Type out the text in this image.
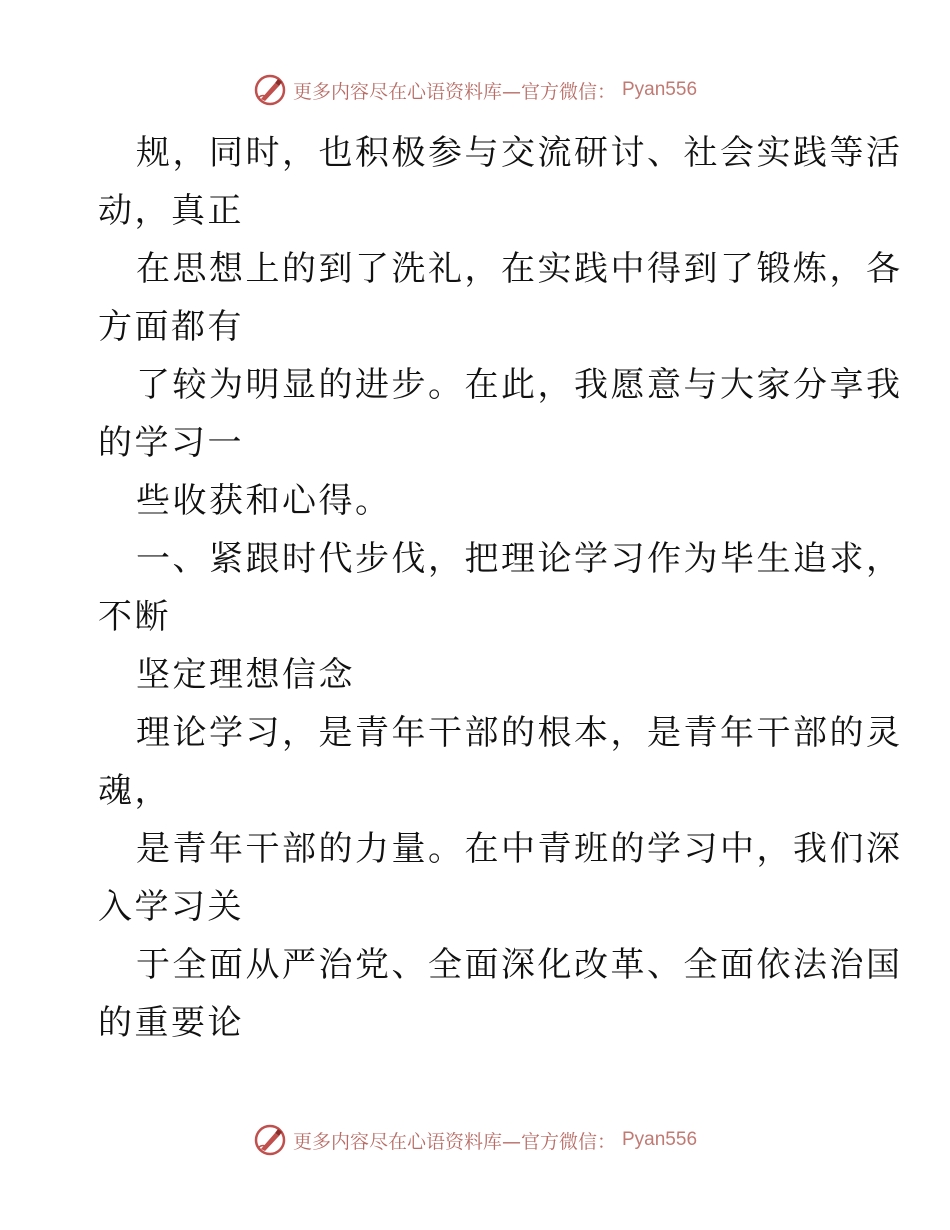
更多内容尽在心语资料库—官方微信： Pyan556
规，同时，也积极参与交流研讨、社会实践等活
动，真正
在思想上的到了洗礼，在实践中得到了锻炼，各
方面都有
了较为明显的进步。在此，我愿意与大家分享我
的学习一
些收获和心得。
一、紧跟时代步伐，把理论学习作为毕生追求，
不断
坚定理想信念
理论学习，是青年干部的根本，是青年干部的灵
魂，
是青年干部的力量。在中青班的学习中，我们深
入学习关
于全面从严治党、全面深化改革、全面依法治国
的重要论
更多内容尽在心语资料库—官方微信： Pyan556
